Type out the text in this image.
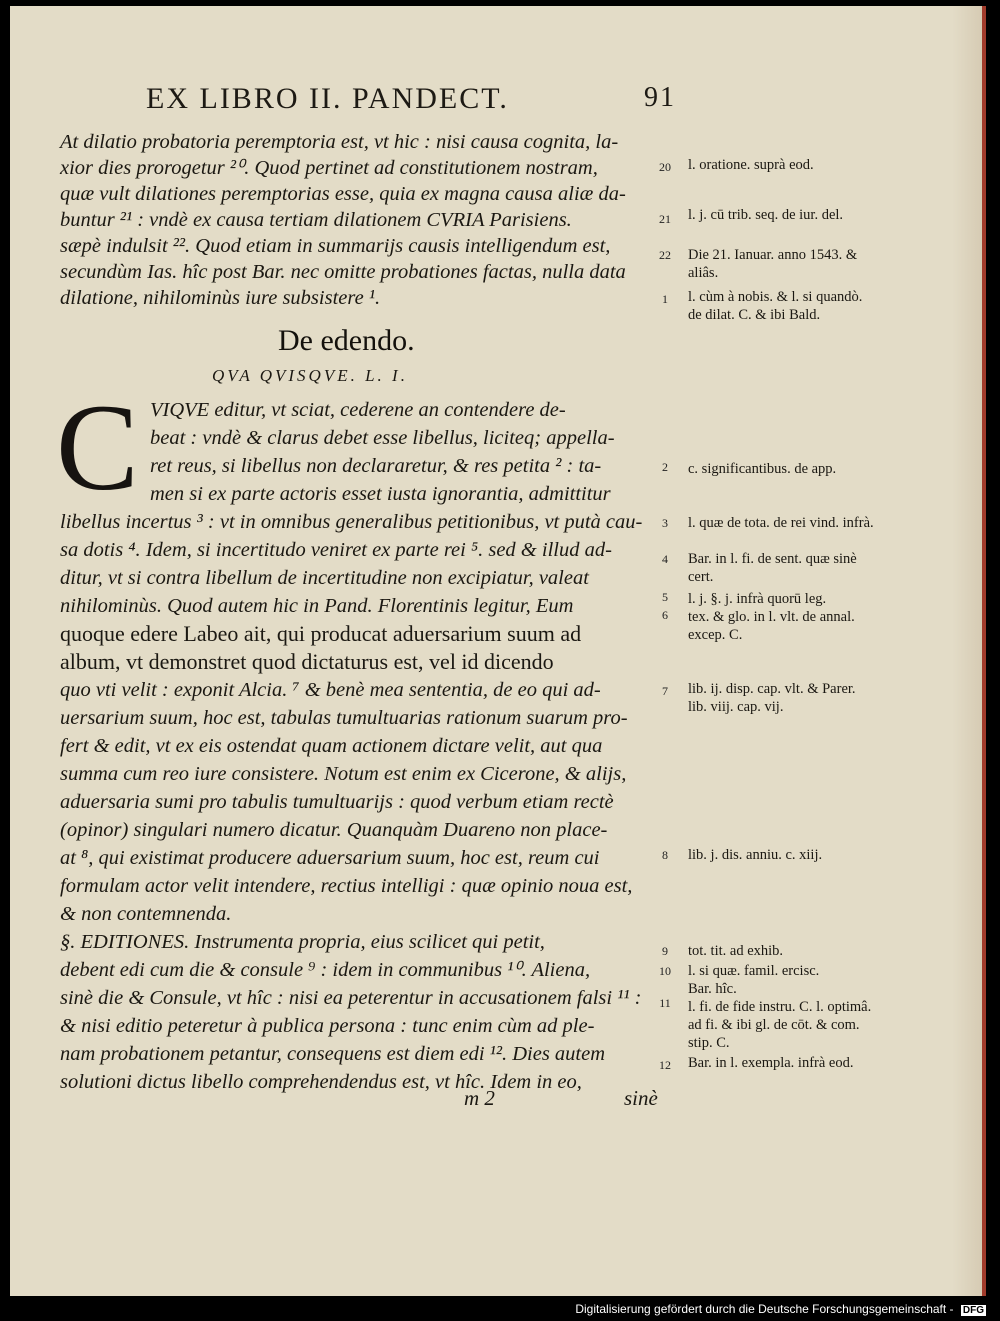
EX LIBRO II. PANDECT.	91
At dilatio probatoria peremptoria est, vt hic : nisi causa cognita, la-
xior dies prorogetur ²⁰. Quod pertinet ad constitutionem nostram,
quæ vult dilationes peremptorias esse, quia ex magna causa aliæ da-
buntur ²¹ : vndè ex causa tertiam dilationem CVRIA Parisiens.
sæpè indulsit ²². Quod etiam in summarijs causis intelligendum est,
secundùm Ias. hîc post Bar. nec omitte probationes factas, nulla data
dilatione, nihilominùs iure subsistere ¹.
20
21
22
1
l. oratione. suprà eod.
l. j. cū trib. seq. de iur. del.
Die 21. Ianuar. anno 1543. & aliâs.
l. cùm à nobis. & l. si quandò. de dilat. C. & ibi Bald.
De edendo.
QVA QVISQVE. L. I.
C VIQVE editur, vt sciat, cederene an contendere de-
beat : vndè & clarus debet esse libellus, liciteq; appella-
ret reus, si libellus non declararetur, & res petita ² : ta-
men si ex parte actoris esset iusta ignorantia, admittitur
libellus incertus ³ : vt in omnibus generalibus petitionibus, vt putà cau-
sa dotis ⁴. Idem, si incertitudo veniret ex parte rei ⁵. sed & illud ad-
ditur, vt si contra libellum de incertitudine non excipiatur, valeat
nihilominùs. Quod autem hic in Pand. Florentinis legitur, Eum
quoque edere Labeo ait, qui producat aduersarium suum ad
album, vt demonstret quod dictaturus est, vel id dicendo
quo vti velit : exponit Alcia. ⁷ & benè mea sententia, de eo qui ad-
uersarium suum, hoc est, tabulas tumultuarias rationum suarum pro-
fert & edit, vt ex eis ostendat quam actionem dictare velit, aut qua
summa cum reo iure consistere. Notum est enim ex Cicerone, & alijs,
aduersaria sumi pro tabulis tumultuarijs : quod verbum etiam rectè
(opinor) singulari numero dicatur. Quanquàm Duareno non place-
at ⁸, qui existimat producere aduersarium suum, hoc est, reum cui
formulam actor velit intendere, rectius intelligi : quæ opinio noua est,
& non contemnenda.
§. EDITIONES. Instrumenta propria, eius scilicet qui petit,
debent edi cum die & consule ⁹ : idem in communibus ¹⁰. Aliena,
sinè die & Consule, vt hîc : nisi ea peterentur in accusationem falsi ¹¹ :
& nisi editio peteretur à publica persona : tunc enim cùm ad ple-
nam probationem petantur, consequens est diem edi ¹². Dies autem
solutioni dictus libello comprehendendus est, vt hîc. Idem in eo,
2
3
4
5
6
7
8
9
10
11
12
c. significantibus. de app.
l. quæ de tota. de rei vind. infrà.
Bar. in l. fi. de sent. quæ sinè cert.
l. j. §. j. infrà quorū leg.
tex. & glo. in l. vlt. de annal. excep. C.
lib. ij. disp. cap. vlt. & Parer. lib. viij. cap. vij.
lib. j. dis. anniu. c. xiij.
tot. tit. ad exhib.
l. si quæ. famil. ercisc.
Bar. hîc.
l. fi. de fide instru. C. l. optimâ. ad fi. & ibi gl. de cōt. & com. stip. C.
Bar. in l. exempla. infrà eod.
m 2	sinè
Digitalisierung gefördert durch die Deutsche Forschungsgemeinschaft - DFG
